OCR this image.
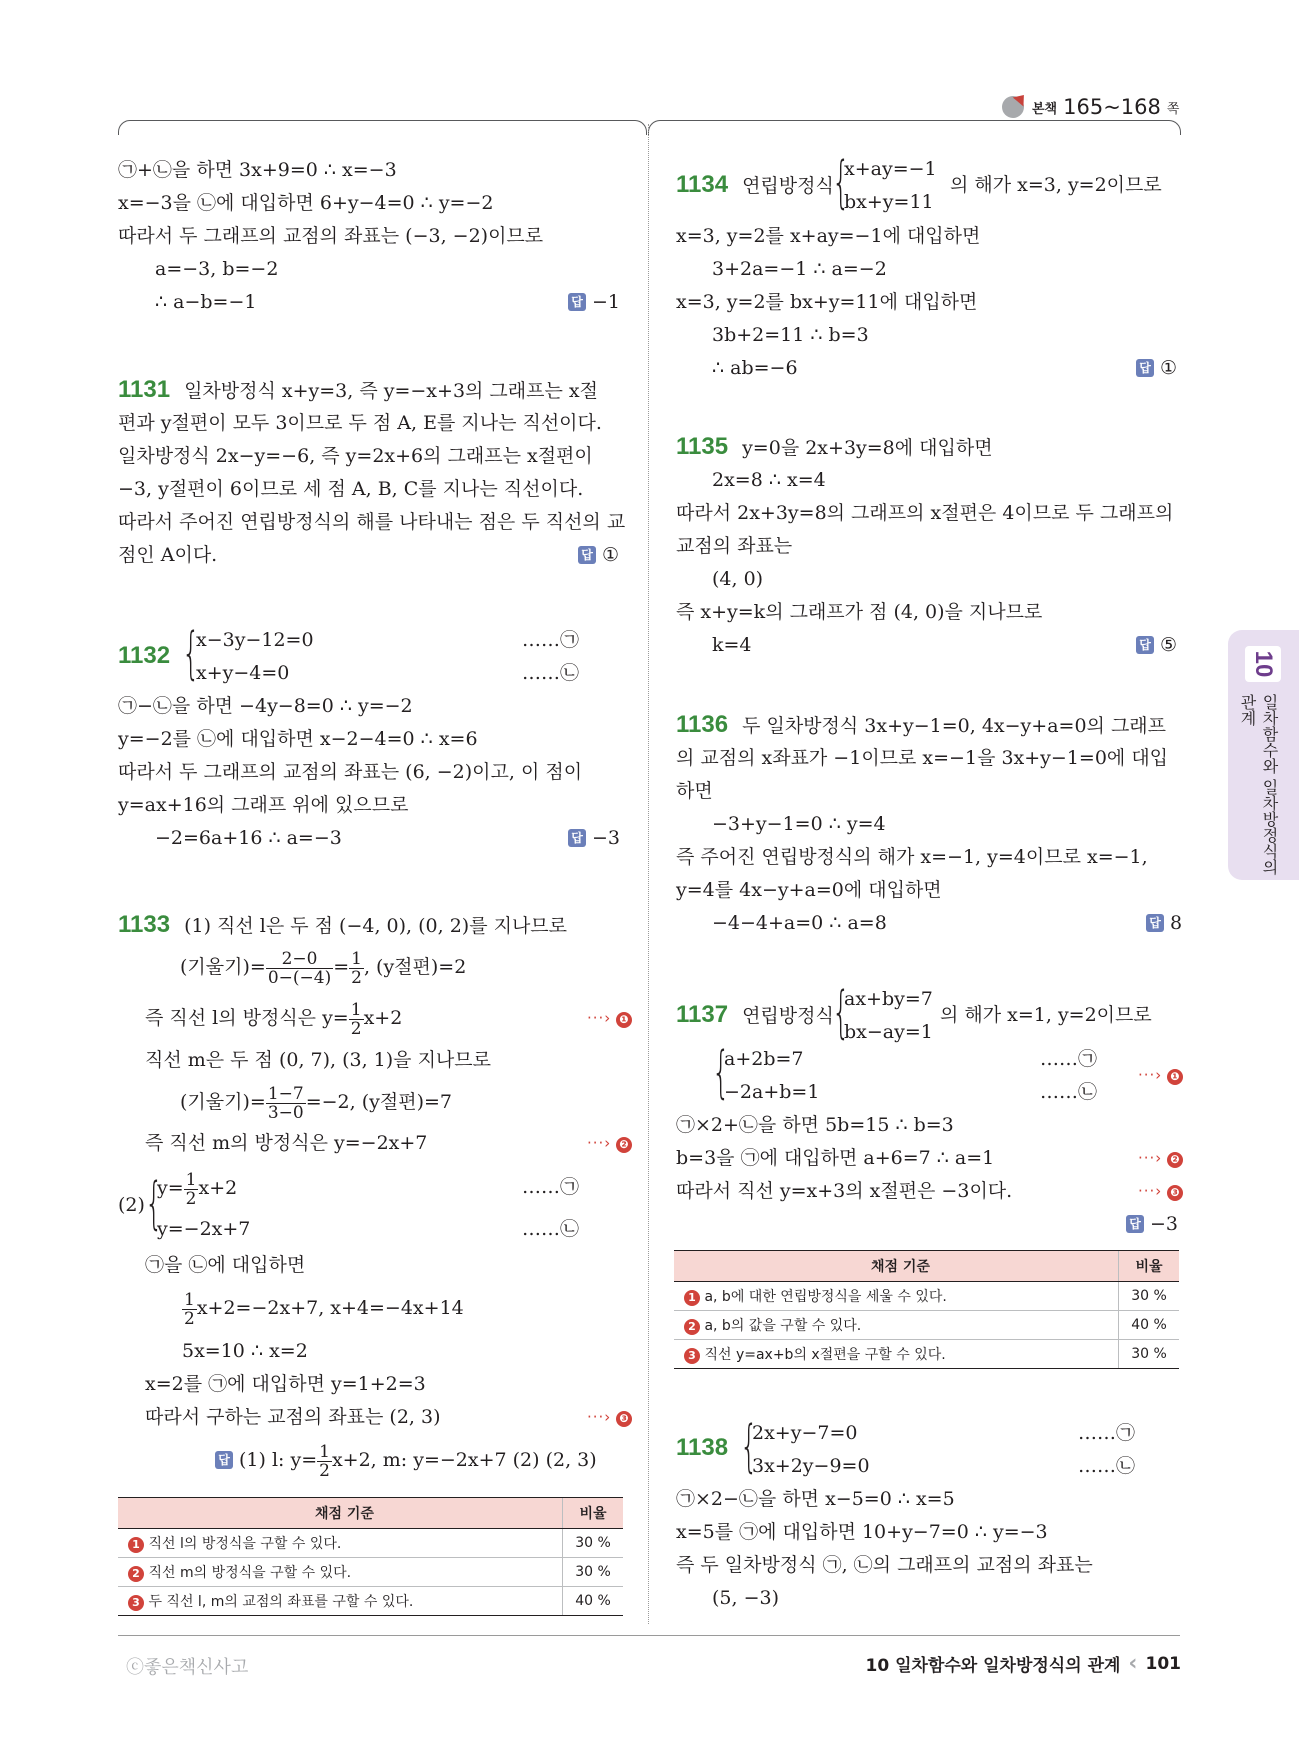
본책 165~168 쪽
㉠+㉡을 하면 3x+9=0 ∴ x=−3
x=−3을 ㉡에 대입하면 6+y−4=0 ∴ y=−2
따라서 두 그래프의 교점의 좌표는 (−3, −2)이므로
a=−3, b=−2
∴ a−b=−1	답 −1
1131 일차방정식 x+y=3, 즉 y=−x+3의 그래프는 x절
편과 y절편이 모두 3이므로 두 점 A, E를 지나는 직선이다.
일차방정식 2x−y=−6, 즉 y=2x+6의 그래프는 x절편이
−3, y절편이 6이므로 세 점 A, B, C를 지나는 직선이다.
따라서 주어진 연립방정식의 해를 나타내는 점은 두 직선의 교
점인 A이다.	답 ①
1132 {
x−3y−12=0
x+y−4=0
……㉠
……㉡
㉠−㉡을 하면 −4y−8=0 ∴ y=−2
y=−2를 ㉡에 대입하면 x−2−4=0 ∴ x=6
따라서 두 그래프의 교점의 좌표는 (6, −2)이고, 이 점이
y=ax+16의 그래프 위에 있으므로
−2=6a+16 ∴ a=−3	답 −3
1133 (1) 직선 l은 두 점 (−4, 0), (0, 2)를 지나므로
(기울기)= $\frac{2-0}{0-(-4)} = \frac{1}{2}$ , (y절편)=2
즉 직선 l의 방정식은 $y= \frac{1}{2} x+2$	···› ❶
직선 m은 두 점 (0, 7), (3, 1)을 지나므로
(기울기)= $\frac{1-7}{3-0} =-2$, (y절편)=7
즉 직선 m의 방정식은 y=−2x+7	···› ❷
(2) {
$y= \frac{1}{2} x+2$
y=−2x+7
……㉠
……㉡
㉠을 ㉡에 대입하면
$\frac{1}{2} x+2=-2x+7$, x+4=−4x+14
5x=10 ∴ x=2
x=2를 ㉠에 대입하면 y=1+2=3
따라서 구하는 교점의 좌표는 (2, 3)	···› ❸
답 (1) l: $y= \frac{1}{2} x+2$, m: y=−2x+7 (2) (2, 3)
채점 기준	비율
1 직선 l의 방정식을 구할 수 있다.	30 %
2 직선 m의 방정식을 구할 수 있다.	30 %
3 두 직선 l, m의 교점의 좌표를 구할 수 있다.	40 %
1134 연립방정식
{
x+ay=−1
bx+y=11
의 해가 x=3, y=2이므로
x=3, y=2를 x+ay=−1에 대입하면
3+2a=−1 ∴ a=−2
x=3, y=2를 bx+y=11에 대입하면
3b+2=11 ∴ b=3
∴ ab=−6	답 ①
1135 y=0을 2x+3y=8에 대입하면
2x=8 ∴ x=4
따라서 2x+3y=8의 그래프의 x절편은 4이므로 두 그래프의
교점의 좌표는
(4, 0)
즉 x+y=k의 그래프가 점 (4, 0)을 지나므로
k=4	답 ⑤
1136 두 일차방정식 3x+y−1=0, 4x−y+a=0의 그래프
의 교점의 x좌표가 −1이므로 x=−1을 3x+y−1=0에 대입
하면
−3+y−1=0 ∴ y=4
즉 주어진 연립방정식의 해가 x=−1, y=4이므로 x=−1,
y=4를 4x−y+a=0에 대입하면
−4−4+a=0 ∴ a=8	답 8
1137 연립방정식
{
ax+by=7
bx−ay=1
의 해가 x=1, y=2이므로
{
a+2b=7
−2a+b=1
……㉠
……㉡
···› ❶
㉠×2+㉡을 하면 5b=15 ∴ b=3
b=3을 ㉠에 대입하면 a+6=7 ∴ a=1	···› ❷
따라서 직선 y=x+3의 x절편은 −3이다.	···› ❸
답 −3
채점 기준	비율
1 a, b에 대한 연립방정식을 세울 수 있다.	30 %
2 a, b의 값을 구할 수 있다.	40 %
3 직선 y=ax+b의 x절편을 구할 수 있다.	30 %
1138 {
2x+y−7=0
3x+2y−9=0
……㉠
……㉡
㉠×2−㉡을 하면 x−5=0 ∴ x=5
x=5를 ㉠에 대입하면 10+y−7=0 ∴ y=−3
즉 두 일차방정식 ㉠, ㉡의 그래프의 교점의 좌표는
(5, −3)
10
일차함수와 일차방정식의 관계
ⓒ좋은책신사고	10 일차함수와 일차방정식의 관계 ‹ 101
